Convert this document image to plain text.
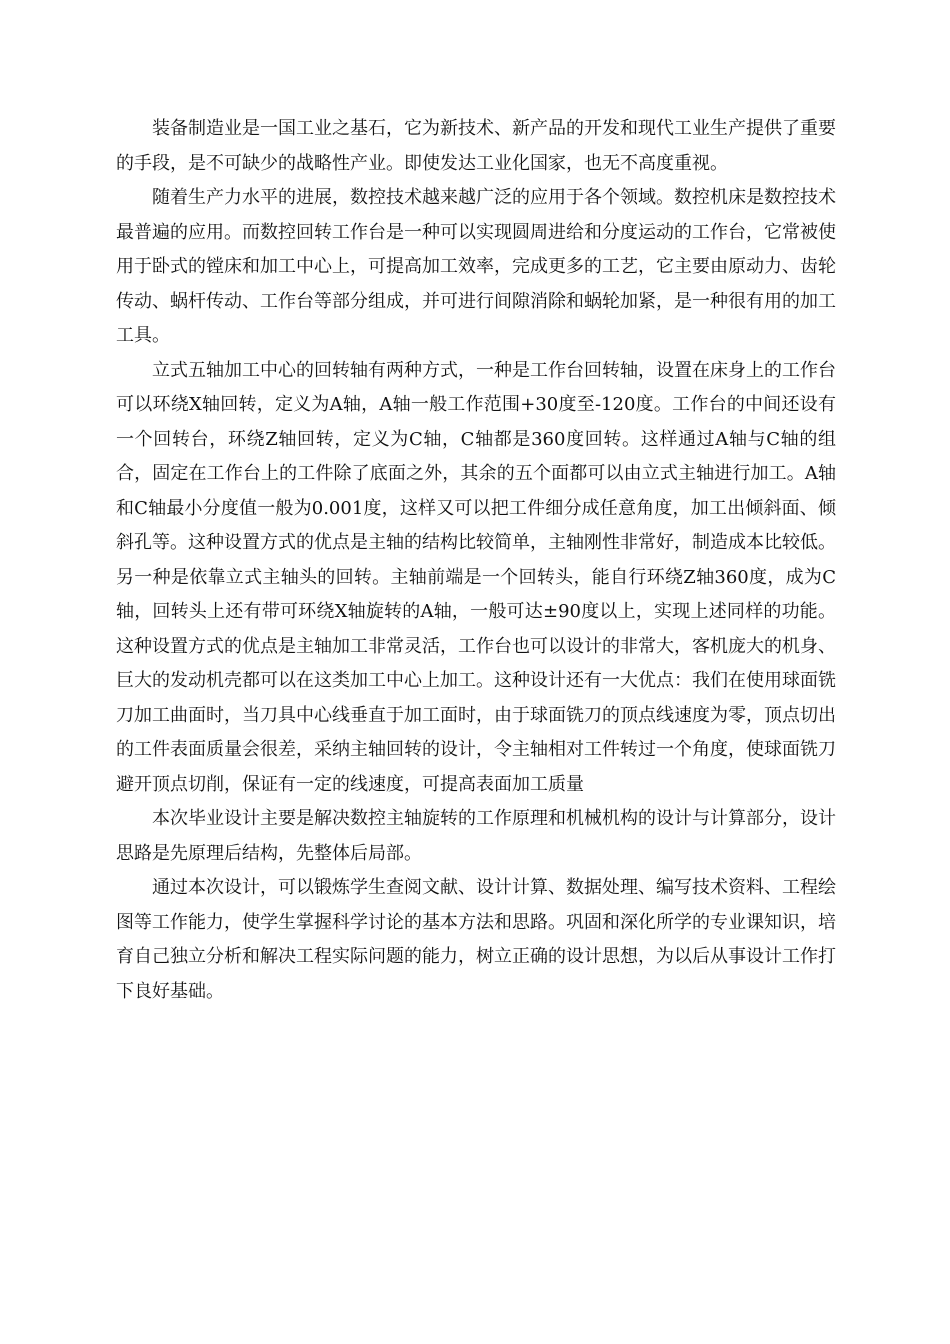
装备制造业是一国工业之基石，它为新技术、新产品的开发和现代工业生产提供了重要的手段，是不可缺少的战略性产业。即使发达工业化国家，也无不高度重视。

随着生产力水平的进展，数控技术越来越广泛的应用于各个领域。数控机床是数控技术最普遍的应用。而数控回转工作台是一种可以实现圆周进给和分度运动的工作台，它常被使用于卧式的镗床和加工中心上，可提高加工效率，完成更多的工艺，它主要由原动力、齿轮传动、蜗杆传动、工作台等部分组成，并可进行间隙消除和蜗轮加紧，是一种很有用的加工工具。

立式五轴加工中心的回转轴有两种方式，一种是工作台回转轴，设置在床身上的工作台可以环绕X轴回转，定义为A轴，A轴一般工作范围+30度至-120度。工作台的中间还设有一个回转台，环绕Z轴回转，定义为C轴，C轴都是360度回转。这样通过A轴与C轴的组合，固定在工作台上的工件除了底面之外，其余的五个面都可以由立式主轴进行加工。A轴和C轴最小分度值一般为0.001度，这样又可以把工件细分成任意角度，加工出倾斜面、倾斜孔等。这种设置方式的优点是主轴的结构比较简单，主轴刚性非常好，制造成本比较低。 另一种是依靠立式主轴头的回转。主轴前端是一个回转头，能自行环绕Z轴360度，成为C轴，回转头上还有带可环绕X轴旋转的A轴，一般可达±90度以上，实现上述同样的功能。这种设置方式的优点是主轴加工非常灵活，工作台也可以设计的非常大，客机庞大的机身、巨大的发动机壳都可以在这类加工中心上加工。这种设计还有一大优点：我们在使用球面铣刀加工曲面时，当刀具中心线垂直于加工面时，由于球面铣刀的顶点线速度为零，顶点切出的工件表面质量会很差，采纳主轴回转的设计，令主轴相对工件转过一个角度，使球面铣刀避开顶点切削，保证有一定的线速度，可提高表面加工质量

本次毕业设计主要是解决数控主轴旋转的工作原理和机械机构的设计与计算部分，设计思路是先原理后结构，先整体后局部。

通过本次设计，可以锻炼学生查阅文献、设计计算、数据处理、编写技术资料、工程绘图等工作能力，使学生掌握科学讨论的基本方法和思路。巩固和深化所学的专业课知识，培育自己独立分析和解决工程实际问题的能力，树立正确的设计思想，为以后从事设计工作打下良好基础。
